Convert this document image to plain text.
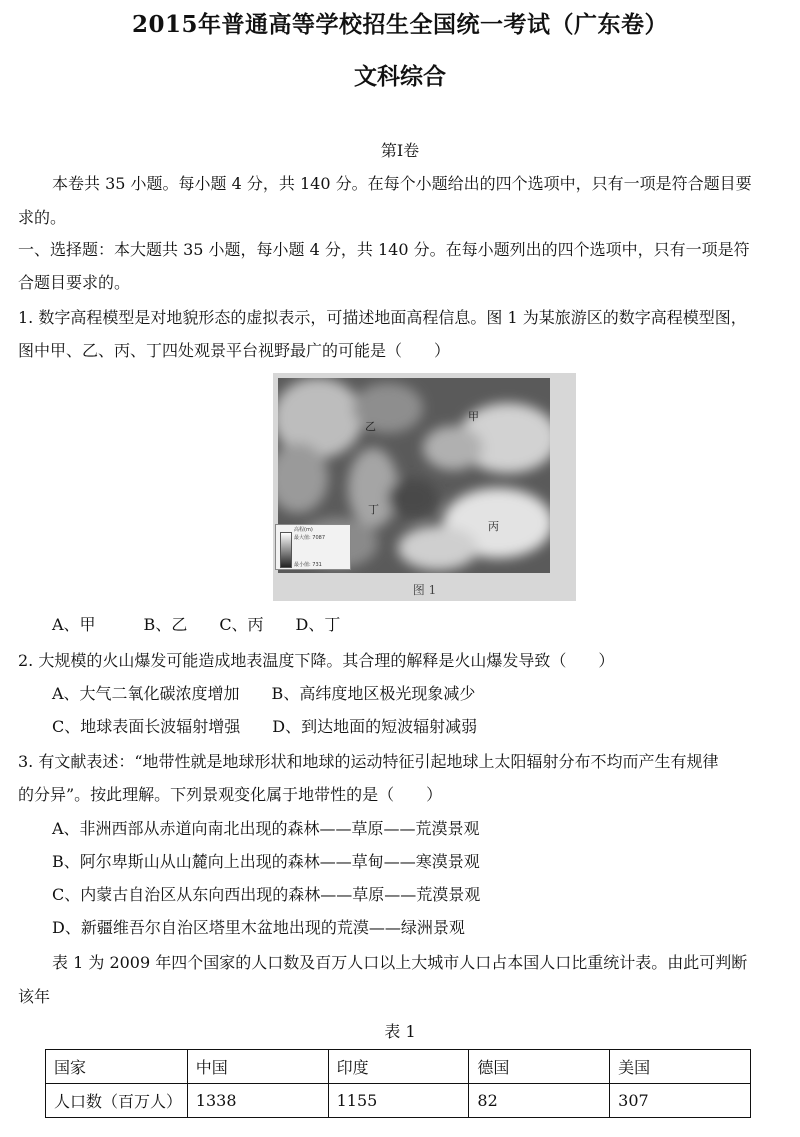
2015年普通高等学校招生全国统一考试（广东卷）
文科综合
第Ⅰ卷
本卷共 35 小题。每小题 4 分，共 140 分。在每个小题给出的四个选项中，只有一项是符合题目要
求的。
一、选择题：本大题共 35 小题，每小题 4 分，共 140 分。在每小题列出的四个选项中，只有一项是符
合题目要求的。
1. 数字高程模型是对地貌形态的虚拟表示，可描述地面高程信息。图 1 为某旅游区的数字高程模型图，
图中甲、乙、丙、丁四处观景平台视野最广的可能是（　　）
高程(m)
最大值: 7087
最小值: 731
乙
甲
丁
丙
图 1
A、甲　　　B、乙　　C、丙　　D、丁
2. 大规模的火山爆发可能造成地表温度下降。其合理的解释是火山爆发导致（　　）
A、大气二氧化碳浓度增加　　B、高纬度地区极光现象减少
C、地球表面长波辐射增强　　D、到达地面的短波辐射减弱
3. 有文献表述：“地带性就是地球形状和地球的运动特征引起地球上太阳辐射分布不均而产生有规律
的分异”。按此理解。下列景观变化属于地带性的是（　　）
A、非洲西部从赤道向南北出现的森林——草原——荒漠景观
B、阿尔卑斯山从山麓向上出现的森林——草甸——寒漠景观
C、内蒙古自治区从东向西出现的森林——草原——荒漠景观
D、新疆维吾尔自治区塔里木盆地出现的荒漠——绿洲景观
表 1 为 2009 年四个国家的人口数及百万人口以上大城市人口占本国人口比重统计表。由此可判断
该年
表 1
国家	中国	印度	德国	美国
人口数（百万人）	1338	1155	82	307
